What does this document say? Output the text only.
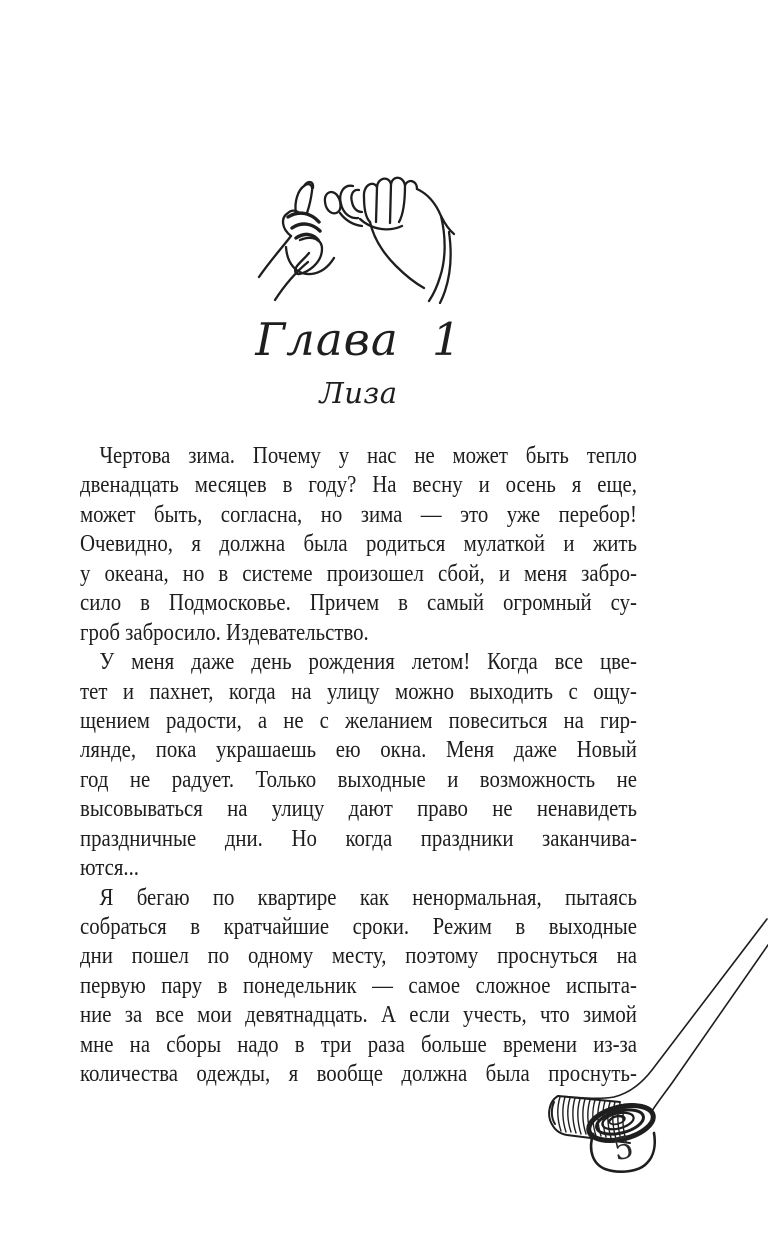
Глава 1
Лиза
Чертова зима. Почему у нас не может быть тепло
двенадцать месяцев в году? На весну и осень я еще,
может быть, согласна, но зима — это уже перебор!
Очевидно, я должна была родиться мулаткой и жить
у океана, но в системе произошел сбой, и меня забро-
сило в Подмосковье. Причем в самый огромный су-
гроб забросило. Издевательство.
У меня даже день рождения летом! Когда все цве-
тет и пахнет, когда на улицу можно выходить с ощу-
щением радости, а не с желанием повеситься на гир-
лянде, пока украшаешь ею окна. Меня даже Новый
год не радует. Только выходные и возможность не
высовываться на улицу дают право не ненавидеть
праздничные дни. Но когда праздники заканчива-
ются...
Я бегаю по квартире как ненормальная, пытаясь
собраться в кратчайшие сроки. Режим в выходные
дни пошел по одному месту, поэтому проснуться на
первую пару в понедельник — самое сложное испыта-
ние за все мои девятнадцать. А если учесть, что зимой
мне на сборы надо в три раза больше времени из-за
количества одежды, я вообще должна была проснуть-
5
